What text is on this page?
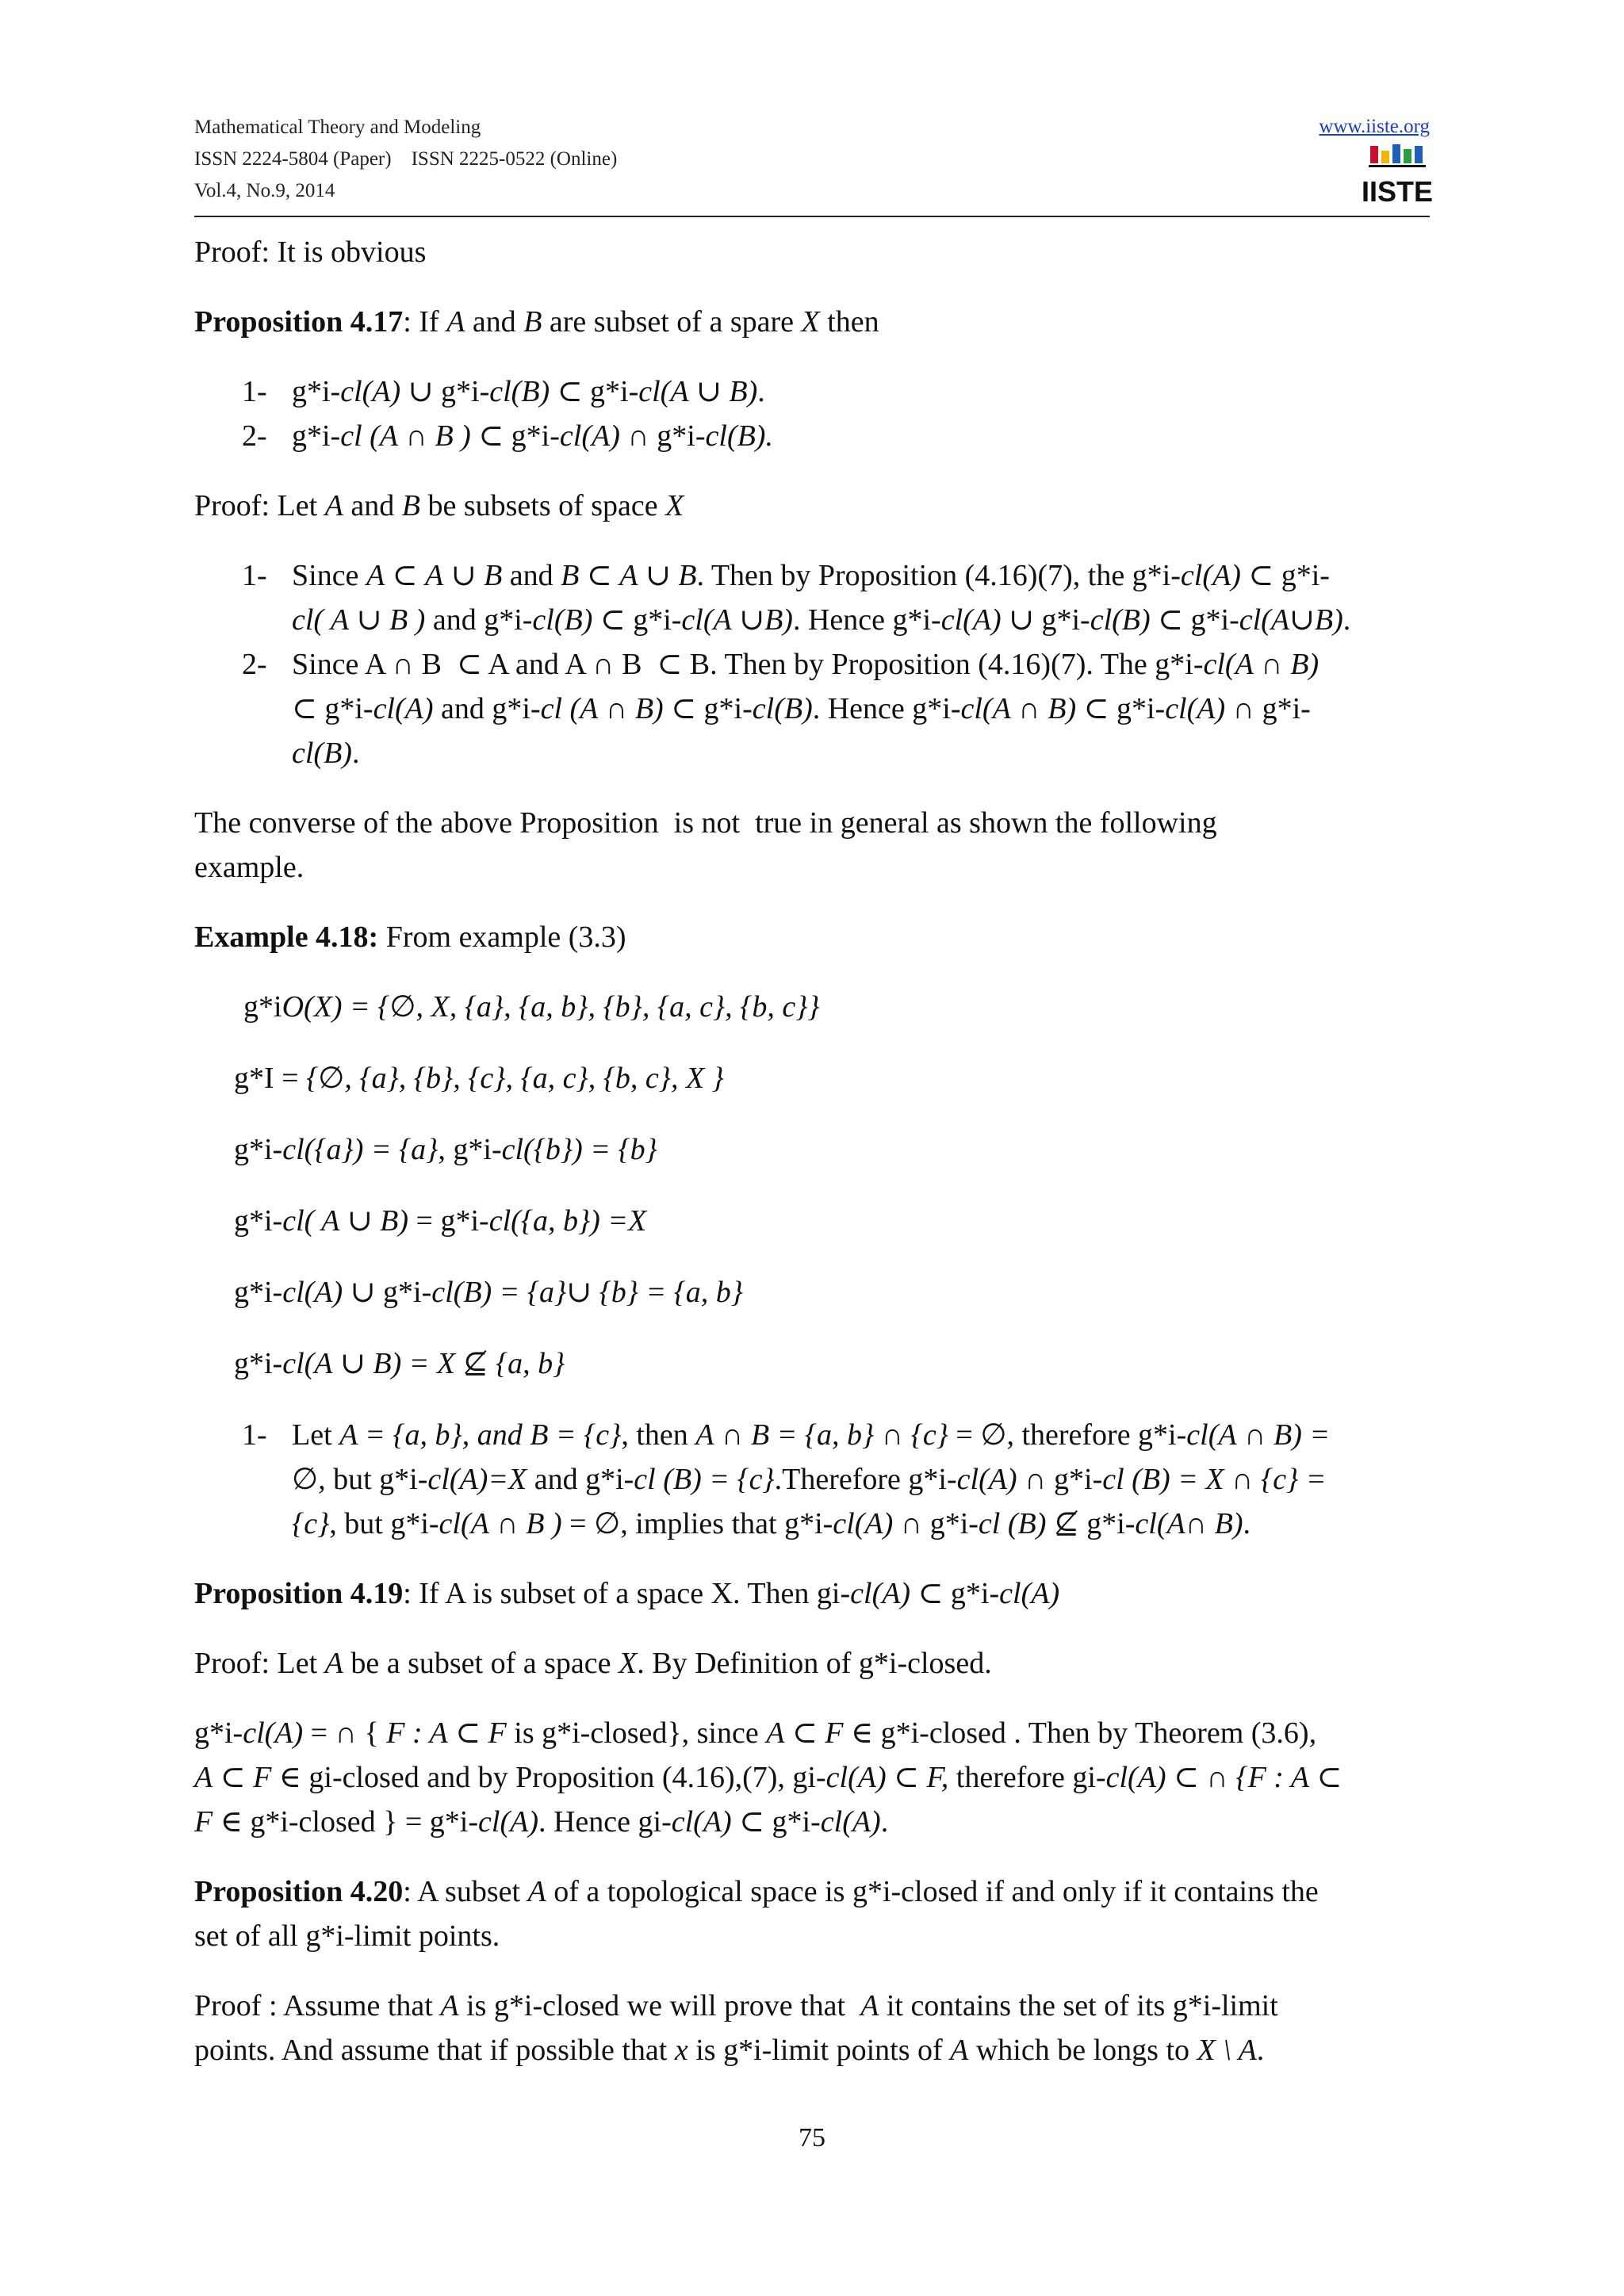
Mathematical Theory and Modeling
ISSN 2224-5804 (Paper)    ISSN 2225-0522 (Online)
Vol.4, No.9, 2014
www.iiste.org
IISTE

Proof: It is obvious

Proposition 4.17: If A and B are subset of a spare X then

1- g*i-cl(A) ∪ g*i-cl(B) ⊂ g*i-cl(A ∪ B).
2- g*i-cl (A ∩ B ) ⊂ g*i-cl(A) ∩ g*i-cl(B).

Proof: Let A and B be subsets of space X

1- Since A ⊂ A ∪ B and B ⊂ A ∪ B. Then by Proposition (4.16)(7), the g*i-cl(A) ⊂ g*i-
cl( A ∪ B ) and g*i-cl(B) ⊂ g*i-cl(A ∪B). Hence g*i-cl(A) ∪ g*i-cl(B) ⊂ g*i-cl(A∪B).
2- Since A ∩ B  ⊂ A and A ∩ B  ⊂ B. Then by Proposition (4.16)(7). The g*i-cl(A ∩ B)
⊂ g*i-cl(A) and g*i-cl (A ∩ B) ⊂ g*i-cl(B). Hence g*i-cl(A ∩ B) ⊂ g*i-cl(A) ∩ g*i-
cl(B).

The converse of the above Proposition  is not  true in general as shown the following
example.

Example 4.18: From example (3.3)

g*iO(X) = {∅, X, {a}, {a, b}, {b}, {a, c}, {b, c}}
g*I = {∅, {a}, {b}, {c}, {a, c}, {b, c}, X }
g*i-cl({a}) = {a}, g*i-cl({b}) = {b}
g*i-cl( A ∪ B) = g*i-cl({a, b}) =X
g*i-cl(A) ∪ g*i-cl(B) = {a}∪ {b} = {a, b}
g*i-cl(A ∪ B) = X ⊈ {a, b}
1- Let A = {a, b}, and B = {c}, then A ∩ B = {a, b} ∩ {c} = ∅, therefore g*i-cl(A ∩ B) =
∅, but g*i-cl(A)=X and g*i-cl (B) = {c}.Therefore g*i-cl(A) ∩ g*i-cl (B) = X ∩ {c} =
{c}, but g*i-cl(A ∩ B ) = ∅, implies that g*i-cl(A) ∩ g*i-cl (B) ⊈ g*i-cl(A∩ B).

Proposition 4.19: If A is subset of a space X. Then gi-cl(A) ⊂ g*i-cl(A)

Proof: Let A be a subset of a space X. By Definition of g*i-closed.

g*i-cl(A) = ∩ { F : A ⊂ F is g*i-closed}, since A ⊂ F ∈ g*i-closed . Then by Theorem (3.6),
A ⊂ F ∈ gi-closed and by Proposition (4.16),(7), gi-cl(A) ⊂ F, therefore gi-cl(A) ⊂ ∩ {F : A ⊂
F ∈ g*i-closed } = g*i-cl(A). Hence gi-cl(A) ⊂ g*i-cl(A).

Proposition 4.20: A subset A of a topological space is g*i-closed if and only if it contains the
set of all g*i-limit points.

Proof : Assume that A is g*i-closed we will prove that  A it contains the set of its g*i-limit
points. And assume that if possible that x is g*i-limit points of A which be longs to X \ A.

75
